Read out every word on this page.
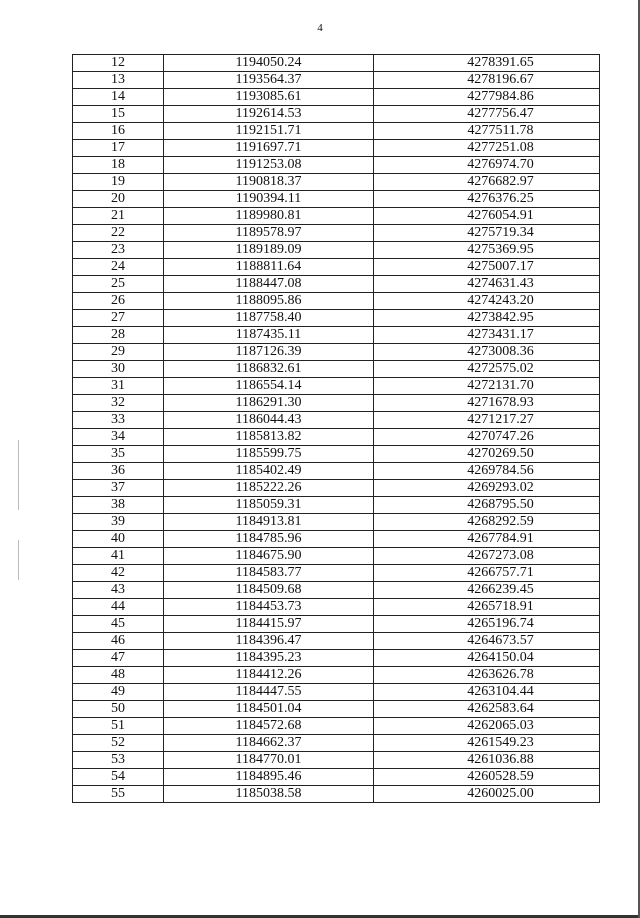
4
12	1194050.24	4278391.65
13	1193564.37	4278196.67
14	1193085.61	4277984.86
15	1192614.53	4277756.47
16	1192151.71	4277511.78
17	1191697.71	4277251.08
18	1191253.08	4276974.70
19	1190818.37	4276682.97
20	1190394.11	4276376.25
21	1189980.81	4276054.91
22	1189578.97	4275719.34
23	1189189.09	4275369.95
24	1188811.64	4275007.17
25	1188447.08	4274631.43
26	1188095.86	4274243.20
27	1187758.40	4273842.95
28	1187435.11	4273431.17
29	1187126.39	4273008.36
30	1186832.61	4272575.02
31	1186554.14	4272131.70
32	1186291.30	4271678.93
33	1186044.43	4271217.27
34	1185813.82	4270747.26
35	1185599.75	4270269.50
36	1185402.49	4269784.56
37	1185222.26	4269293.02
38	1185059.31	4268795.50
39	1184913.81	4268292.59
40	1184785.96	4267784.91
41	1184675.90	4267273.08
42	1184583.77	4266757.71
43	1184509.68	4266239.45
44	1184453.73	4265718.91
45	1184415.97	4265196.74
46	1184396.47	4264673.57
47	1184395.23	4264150.04
48	1184412.26	4263626.78
49	1184447.55	4263104.44
50	1184501.04	4262583.64
51	1184572.68	4262065.03
52	1184662.37	4261549.23
53	1184770.01	4261036.88
54	1184895.46	4260528.59
55	1185038.58	4260025.00
